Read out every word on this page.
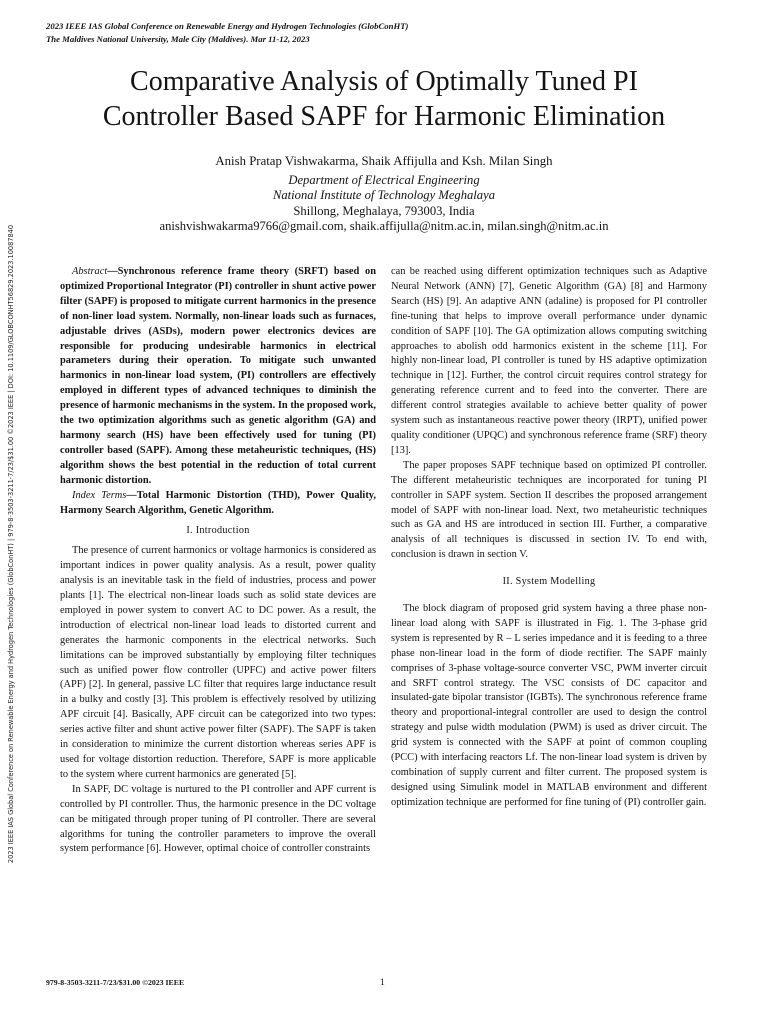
2023 IEEE IAS Global Conference on Renewable Energy and Hydrogen Technologies (GlobConHT)
The Maldives National University, Male City (Maldives). Mar 11-12, 2023
Comparative Analysis of Optimally Tuned PI
Controller Based SAPF for Harmonic Elimination
Anish Pratap Vishwakarma, Shaik Affijulla and Ksh. Milan Singh
Department of Electrical Engineering
National Institute of Technology Meghalaya
Shillong, Meghalaya, 793003, India
anishvishwakarma9766@gmail.com, shaik.affijulla@nitm.ac.in, milan.singh@nitm.ac.in
2023 IEEE IAS Global Conference on Renewable Energy and Hydrogen Technologies (GlobConHT) | 979-8-3503-3211-7/23/$31.00 ©2023 IEEE | DOI: 10.1109/GLOBCONHT56829.2023.10087840	Abstract—Synchronous reference frame theory (SRFT) based on optimized Proportional Integrator (PI) controller in shunt active power filter (SAPF) is proposed to mitigate current harmonics in the presence of non-liner load system. Normally, non-linear loads such as furnaces, adjustable drives (ASDs), modern power electronics devices are responsible for producing undesirable harmonics in electrical parameters during their operation. To mitigate such unwanted harmonics in non-linear load system, (PI) controllers are effectively employed in different types of advanced techniques to diminish the presence of harmonic mechanisms in the system. In the proposed work, the two optimization algorithms such as genetic algorithm (GA) and harmony search (HS) have been effectively used for tuning (PI) controller based (SAPF). Among these metaheuristic techniques, (HS) algorithm shows the best potential in the reduction of total current harmonic distortion.

Index Terms—Total Harmonic Distortion (THD), Power Quality, Harmony Search Algorithm, Genetic Algorithm.

I. Introduction

The presence of current harmonics or voltage harmonics is considered as important indices in power quality analysis. As a result, power quality analysis is an inevitable task in the field of industries, process and power plants [1]. The electrical non-linear loads such as solid state devices are employed in power system to convert AC to DC power. As a result, the introduction of electrical non-linear load leads to distorted current and generates the harmonic components in the electrical networks. Such limitations can be improved substantially by employing filter techniques such as unified power flow controller (UPFC) and active power filters (APF) [2]. In general, passive LC filter that requires large inductance result in a bulky and costly [3]. This problem is effectively resolved by utilizing APF circuit [4]. Basically, APF circuit can be categorized into two types: series active filter and shunt active power filter (SAPF). The SAPF is taken in consideration to minimize the current distortion whereas series APF is used for voltage distortion reduction. Therefore, SAPF is more applicable to the system where current harmonics are generated [5].

In SAPF, DC voltage is nurtured to the PI controller and APF current is controlled by PI controller. Thus, the harmonic presence in the DC voltage can be mitigated through proper tuning of PI controller. There are several algorithms for tuning the controller parameters to improve the overall system performance [6]. However, optimal choice of controller constraints

can be reached using different optimization techniques such as Adaptive Neural Network (ANN) [7], Genetic Algorithm (GA) [8] and Harmony Search (HS) [9]. An adaptive ANN (adaline) is proposed for PI controller fine-tuning that helps to improve overall performance under dynamic condition of SAPF [10]. The GA optimization allows computing switching approaches to abolish odd harmonics existent in the scheme [11]. For highly non-linear load, PI controller is tuned by HS adaptive optimization technique in [12]. Further, the control circuit requires control strategy for generating reference current and to feed into the converter. There are different control strategies available to achieve better quality of power system such as instantaneous reactive power theory (IRPT), unified power quality conditioner (UPQC) and synchronous reference frame (SRF) theory [13].

The paper proposes SAPF technique based on optimized PI controller. The different metaheuristic techniques are incorporated for tuning PI controller in SAPF system. Section II describes the proposed arrangement model of SAPF with non-linear load. Next, two metaheuristic techniques such as GA and HS are introduced in section III. Further, a comparative analysis of all techniques is discussed in section IV. To end with, conclusion is drawn in section V.

II. System Modelling

The block diagram of proposed grid system having a three phase non-linear load along with SAPF is illustrated in Fig. 1. The 3-phase grid system is represented by R – L series impedance and it is feeding to a three phase non-linear load in the form of diode rectifier. The SAPF mainly comprises of 3-phase voltage-source converter VSC, PWM inverter circuit and SRFT control strategy. The VSC consists of DC capacitor and insulated-gate bipolar transistor (IGBTs). The synchronous reference frame theory and proportional-integral controller are used to design the control strategy and pulse width modulation (PWM) is used as driver circuit. The grid system is connected with the SAPF at point of common coupling (PCC) with interfacing reactors Lf. The non-linear load system is driven by combination of supply current and filter current. The proposed system is designed using Simulink model in MATLAB environment and different optimization technique are performed for fine tuning of (PI) controller gain.

979-8-3503-3211-7/23/$31.00 ©2023 IEEE	1
